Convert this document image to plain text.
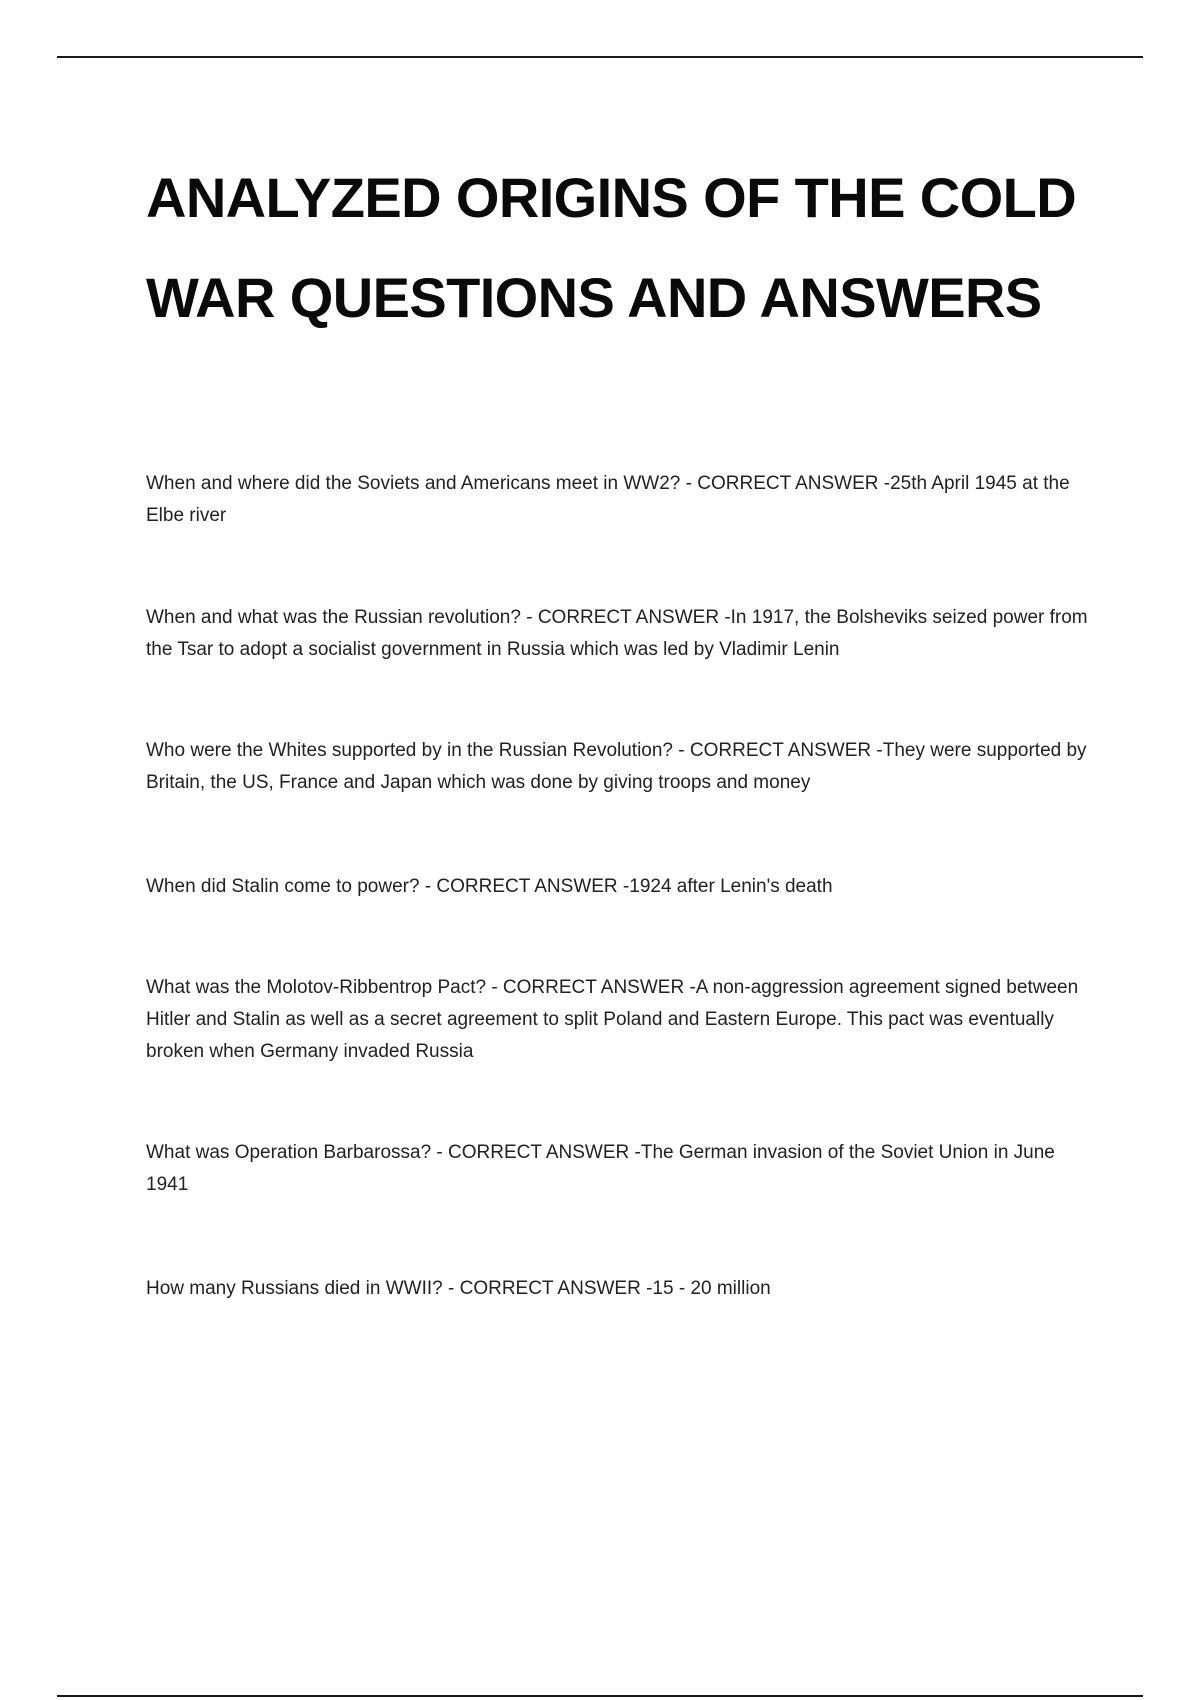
ANALYZED ORIGINS OF THE COLD WAR QUESTIONS AND ANSWERS

When and where did the Soviets and Americans meet in WW2? - CORRECT ANSWER -25th April 1945 at the Elbe river

When and what was the Russian revolution? - CORRECT ANSWER -In 1917, the Bolsheviks seized power from the Tsar to adopt a socialist government in Russia which was led by Vladimir Lenin

Who were the Whites supported by in the Russian Revolution? - CORRECT ANSWER -They were supported by Britain, the US, France and Japan which was done by giving troops and money

When did Stalin come to power? - CORRECT ANSWER -1924 after Lenin's death

What was the Molotov-Ribbentrop Pact? - CORRECT ANSWER -A non-aggression agreement signed between Hitler and Stalin as well as a secret agreement to split Poland and Eastern Europe. This pact was eventually broken when Germany invaded Russia

What was Operation Barbarossa? - CORRECT ANSWER -The German invasion of the Soviet Union in June 1941

How many Russians died in WWII? - CORRECT ANSWER -15 - 20 million
